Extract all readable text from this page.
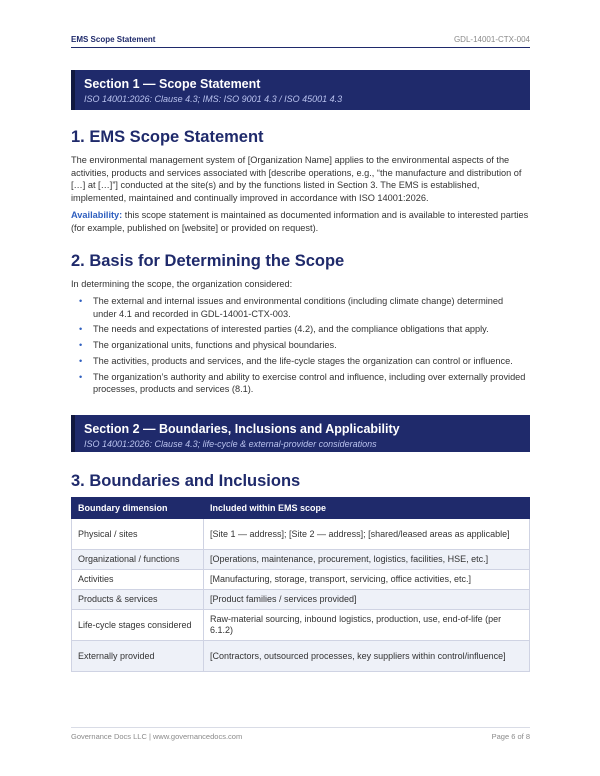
EMS Scope Statement	GDL-14001-CTX-004
Section 1 — Scope Statement
ISO 14001:2026: Clause 4.3; IMS: ISO 9001 4.3 / ISO 45001 4.3
1. EMS Scope Statement

The environmental management system of [Organization Name] applies to the environmental aspects of the activities, products and services associated with [describe operations, e.g., “the manufacture and distribution of […] at […]”] conducted at the site(s) and by the functions listed in Section 3. The EMS is established, implemented, maintained and continually improved in accordance with ISO 14001:2026.

Availability: this scope statement is maintained as documented information and is available to interested parties (for example, published on [website] or provided on request).

2. Basis for Determining the Scope

In determining the scope, the organization considered:

• The external and internal issues and environmental conditions (including climate change) determined under 4.1 and recorded in GDL-14001-CTX-003.
• The needs and expectations of interested parties (4.2), and the compliance obligations that apply.
• The organizational units, functions and physical boundaries.
• The activities, products and services, and the life-cycle stages the organization can control or influence.
• The organization’s authority and ability to exercise control and influence, including over externally provided processes, products and services (8.1).
Section 2 — Boundaries, Inclusions and Applicability
ISO 14001:2026: Clause 4.3; life-cycle & external-provider considerations
3. Boundaries and Inclusions
Boundary dimension	Included within EMS scope
Physical / sites	[Site 1 — address]; [Site 2 — address]; [shared/leased areas as applicable]
Organizational / functions	[Operations, maintenance, procurement, logistics, facilities, HSE, etc.]
Activities	[Manufacturing, storage, transport, servicing, office activities, etc.]
Products & services	[Product families / services provided]
Life-cycle stages considered	Raw-material sourcing, inbound logistics, production, use, end-of-life (per 6.1.2)
Externally provided	[Contractors, outsourced processes, key suppliers within control/influence]
Governance Docs LLC | www.governancedocs.com	Page 6 of 8
